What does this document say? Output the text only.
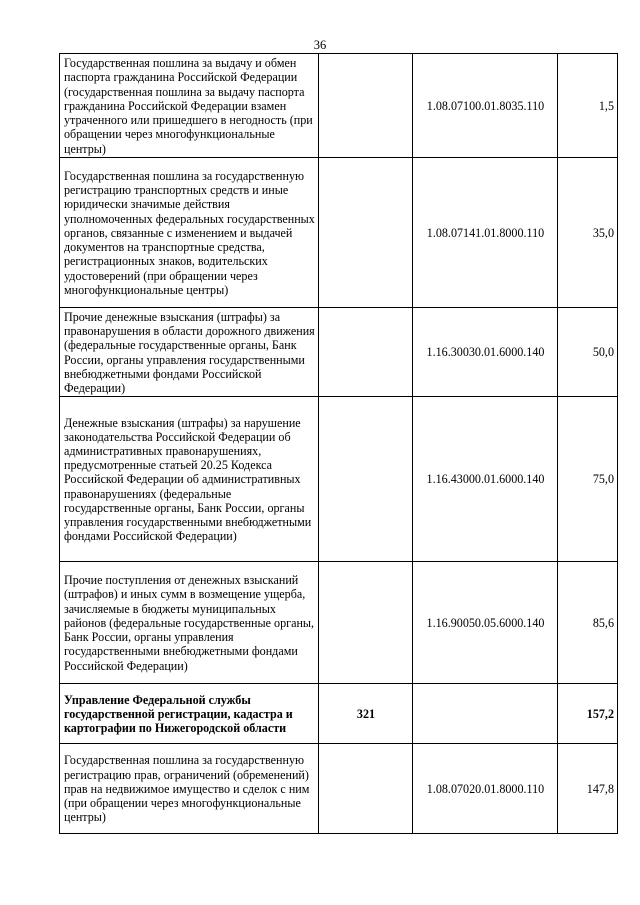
36
Государственная пошлина за выдачу и обмен паспорта гражданина Российской Федерации (государственная пошлина за выдачу паспорта гражданина Российской Федерации взамен утраченного или пришедшего в негодность (при обращении через многофункциональные центры)		1.08.07100.01.8035.110	1,5
Государственная пошлина за государственную регистрацию транспортных средств и иные юридически значимые действия уполномоченных федеральных государственных органов, связанные с изменением и выдачей документов на транспортные средства, регистрационных знаков, водительских удостоверений (при обращении через многофункциональные центры)		1.08.07141.01.8000.110	35,0
Прочие денежные взыскания (штрафы) за правонарушения в области дорожного движения (федеральные государственные органы, Банк России, органы управления государственными внебюджетными фондами Российской Федерации)		1.16.30030.01.6000.140	50,0
Денежные взыскания (штрафы) за нарушение законодательства Российской Федерации об административных правонарушениях, предусмотренные статьей 20.25 Кодекса Российской Федерации об административных правонарушениях (федеральные государственные органы, Банк России, органы управления государственными внебюджетными фондами Российской Федерации)		1.16.43000.01.6000.140	75,0
Прочие поступления от денежных взысканий (штрафов) и иных сумм в возмещение ущерба, зачисляемые в бюджеты муниципальных районов (федеральные государственные органы, Банк России, органы управления государственными внебюджетными фондами Российской Федерации)		1.16.90050.05.6000.140	85,6
Управление Федеральной службы государственной регистрации, кадастра и картографии по Нижегородской области	321		157,2
Государственная пошлина за государственную регистрацию прав, ограничений (обременений) прав на недвижимое имущество и сделок с ним (при обращении через многофункциональные центры)		1.08.07020.01.8000.110	147,8
